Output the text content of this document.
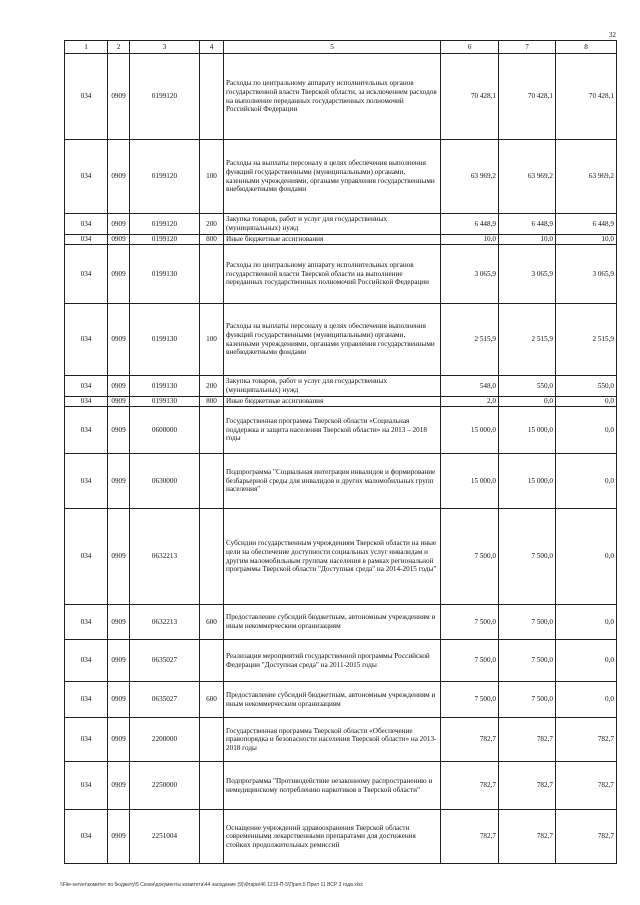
32
1	2	3	4	5	6	7	8
034	0909	0199120		Расходы по центральному аппарату исполнительных органов государственной власти Тверской области, за исключением расходов на выполнение переданных государственных полномочий Российской Федерации	70 428,1	70 428,1	70 428,1
034	0909	0199120	100	Расходы на выплаты персоналу в целях обеспечения выполнения функций государственными (муниципальными) органами, казенными учреждениями, органами управления государственными внебюджетными фондами	63 969,2	63 969,2	63 969,2
034	0909	0199120	200	Закупка товаров, работ и услуг для государственных (муниципальных) нужд	6 448,9	6 448,9	6 448,9
034	0909	0199120	800	Иные бюджетные ассигнования	10,0	10,0	10,0
034	0909	0199130		Расходы по центральному аппарату исполнительных органов государственной власти Тверской области на выполнение переданных государственных полномочий Российской Федерации	3 065,9	3 065,9	3 065,9
034	0909	0199130	100	Расходы на выплаты персоналу в целях обеспечения выполнения функций государственными (муниципальными) органами, казенными учреждениями, органами управления государственными внебюджетными фондами	2 515,9	2 515,9	2 515,9
034	0909	0199130	200	Закупка товаров, работ и услуг для государственных (муниципальных) нужд	548,0	550,0	550,0
034	0909	0199130	800	Иные бюджетные ассигнования	2,0	0,0	0,0
034	0909	0600000		Государственная программа Тверской области «Социальная поддержка и защита населения Тверской области» на 2013 – 2018 годы	15 000,0	15 000,0	0,0
034	0909	0630000		Подпрограмма "Социальная интеграция инвалидов и формирование безбарьерной среды для инвалидов и других маломобильных групп населения"	15 000,0	15 000,0	0,0
034	0909	0632213		Субсидии государственным учреждениям Тверской области на иные цели на обеспечение доступности социальных услуг инвалидам и другим маломобильным группам населения в рамках региональной программы Тверской области "Доступная среда" на 2014-2015 годы"	7 500,0	7 500,0	0,0
034	0909	0632213	600	Предоставление субсидий бюджетным, автономным учреждениям и иным некоммерческим организациям	7 500,0	7 500,0	0,0
034	0909	0635027		Реализация мероприятий государственной программы Российской Федерации "Доступная среда" на 2011-2015 годы	7 500,0	7 500,0	0,0
034	0909	0635027	600	Предоставление субсидий бюджетным, автономным учреждениям и иным некоммерческим организациям	7 500,0	7 500,0	0,0
034	0909	2200000		Государственная программа Тверской области «Обеспечение правопорядка и безопасности населения Тверской области» на 2013-2018 годы	782,7	782,7	782,7
034	0909	2250000		Подпрограмма "Противодействие незаконному распространению и немедицинскому потреблению наркотиков в Тверской области"	782,7	782,7	782,7
034	0909	2251004		Оснащение учреждений здравоохранения Тверской области современными лекарственными препаратами для достижения стойких продолжительных ремиссий	782,7	782,7	782,7
\\File-server\комитет по бюджету\5 Сезон\документы комитета\44 заседание (9)\Фгари\46 1219-П-5\Прил.5 Прил 11 ВСР 3 года.xlsx
